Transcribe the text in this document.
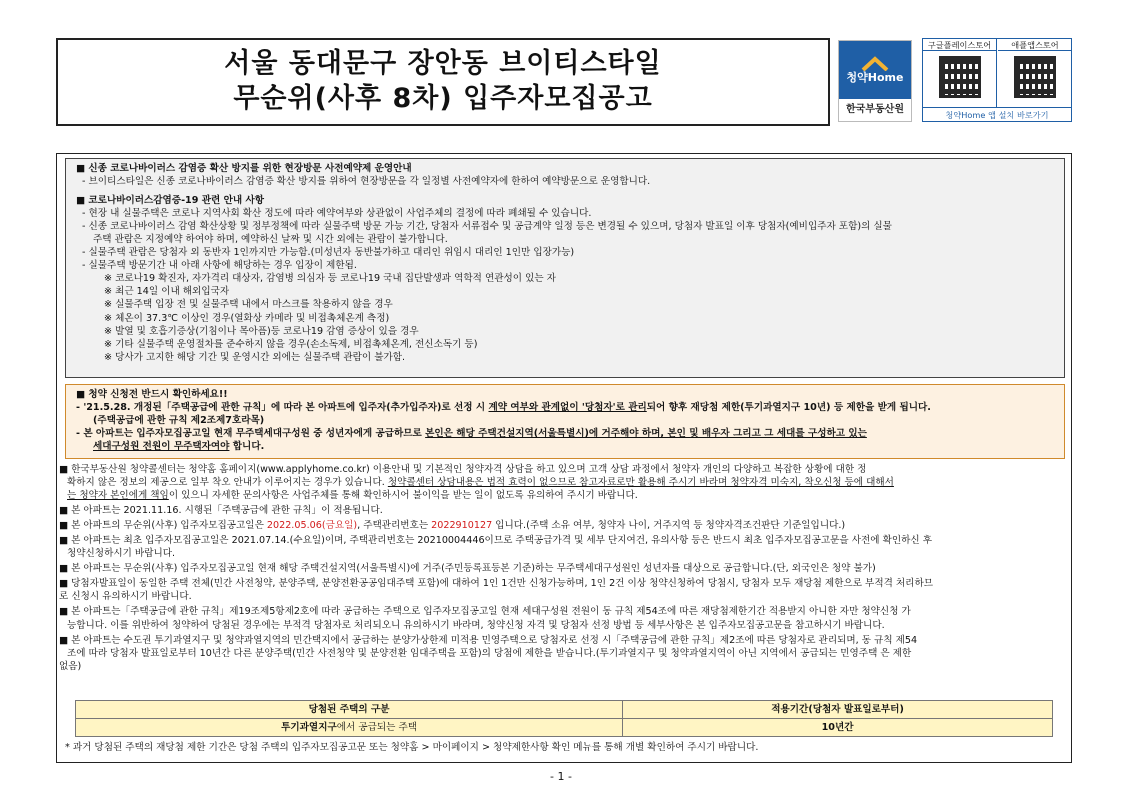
서울 동대문구 장안동 브이티스타일
무순위(사후 8차) 입주자모집공고
청약Home
한국부동산원
구글플레이스토어	애플앱스토어
청약Home 앱 설치 바로가기
■ 신종 코로나바이러스 감염증 확산 방지를 위한 현장방문 사전예약제 운영안내
- 브이티스타일은 신종 코로나바이러스 감염증 확산 방지를 위하여 현장방문을 각 일정별 사전예약자에 한하여 예약방문으로 운영합니다.
■ 코로나바이러스감염증-19 관련 안내 사항
- 현장 내 실물주택은 코로나 지역사회 확산 정도에 따라 예약여부와 상관없이 사업주체의 결정에 따라 폐쇄될 수 있습니다.
- 신종 코로나바이러스 감염 확산상황 및 정부정책에 따라 실물주택 방문 가능 기간, 당첨자 서류접수 및 공급계약 일정 등은 변경될 수 있으며, 당첨자 발표일 이후 당첨자(예비입주자 포함)의 실물
주택 관람은 지정예약 하여야 하며, 예약하신 날짜 및 시간 외에는 관람이 불가합니다.
- 실물주택 관람은 당첨자 외 동반자 1인까지만 가능함.(미성년자 동반불가하고 대리인 위임시 대리인 1인만 입장가능)
- 실물주택 방문기간 내 아래 사항에 해당하는 경우 입장이 제한됨.
※ 코로나19 확진자, 자가격리 대상자, 감염병 의심자 등 코로나19 국내 집단발생과 역학적 연관성이 있는 자
※ 최근 14일 이내 해외입국자
※ 실물주택 입장 전 및 실물주택 내에서 마스크를 착용하지 않을 경우
※ 체온이 37.3℃ 이상인 경우(열화상 카메라 및 비접촉체온계 측정)
※ 발열 및 호흡기증상(기침이나 목아픔)등 코로나19 감염 증상이 있을 경우
※ 기타 실물주택 운영절차를 준수하지 않을 경우(손소독제, 비접촉체온계, 전신소독기 등)
※ 당사가 고지한 해당 기간 및 운영시간 외에는 실물주택 관람이 불가함.
■ 청약 신청전 반드시 확인하세요!!
- '21.5.28. 개정된「주택공급에 관한 규칙」에 따라 본 아파트에 입주자(추가입주자)로 선정 시 계약 여부와 관계없이 '당첨자'로 관리되어 향후 재당첨 제한(투기과열지구 10년) 등 제한을 받게 됩니다.
(주택공급에 관한 규칙 제2조제7호라목)
- 본 아파트는 입주자모집공고일 현재 무주택세대구성원 중 성년자에게 공급하므로 본인은 해당 주택건설지역(서울특별시)에 거주해야 하며, 본인 및 배우자 그리고 그 세대를 구성하고 있는
세대구성원 전원이 무주택자여야 합니다.
■ 한국부동산원 청약콜센터는 청약홈 홈페이지(www.applyhome.co.kr) 이용안내 및 기본적인 청약자격 상담을 하고 있으며 고객 상담 과정에서 청약자 개인의 다양하고 복잡한 상황에 대한 정
확하지 않은 정보의 제공으로 일부 착오 안내가 이루어지는 경우가 있습니다. 청약콜센터 상담내용은 법적 효력이 없으므로 참고자료로만 활용해 주시기 바라며 청약자격 미숙지, 착오신청 등에 대해서
는 청약자 본인에게 책임이 있으니 자세한 문의사항은 사업주체를 통해 확인하시어 불이익을 받는 일이 없도록 유의하여 주시기 바랍니다.
■ 본 아파트는 2021.11.16. 시행된「주택공급에 관한 규칙」이 적용됩니다.
■ 본 아파트의 무순위(사후) 입주자모집공고일은 2022.05.06(금요일), 주택관리번호는 2022910127 입니다.(주택 소유 여부, 청약자 나이, 거주지역 등 청약자격조건판단 기준일입니다.)
■ 본 아파트는 최초 입주자모집공고일은 2021.07.14.(수요일)이며, 주택관리번호는 20210004446이므로 주택공급가격 및 세부 단지여건, 유의사항 등은 반드시 최초 입주자모집공고문을 사전에 확인하신 후
청약신청하시기 바랍니다.
■ 본 아파트는 무순위(사후) 입주자모집공고일 현재 해당 주택건설지역(서울특별시)에 거주(주민등록표등본 기준)하는 무주택세대구성원인 성년자를 대상으로 공급합니다.(단, 외국인은 청약 불가)
■ 당첨자발표일이 동일한 주택 전체(민간 사전청약, 분양주택, 분양전환공공임대주택 포함)에 대하여 1인 1건만 신청가능하며, 1인 2건 이상 청약신청하여 당첨시, 당첨자 모두 재당첨 제한으로 부적격 처리하므
로 신청시 유의하시기 바랍니다.
■ 본 아파트는「주택공급에 관한 규칙」제19조제5항제2호에 따라 공급하는 주택으로 입주자모집공고일 현재 세대구성원 전원이 동 규칙 제54조에 따른 재당첨제한기간 적용받지 아니한 자만 청약신청 가
능합니다. 이를 위반하여 청약하여 당첨된 경우에는 부적격 당첨자로 처리되오니 유의하시기 바라며, 청약신청 자격 및 당첨자 선정 방법 등 세부사항은 본 입주자모집공고문을 참고하시기 바랍니다.
■ 본 아파트는 수도권 투기과열지구 및 청약과열지역의 민간택지에서 공급하는 분양가상한제 미적용 민영주택으로 당첨자로 선정 시「주택공급에 관한 규칙」제2조에 따른 당첨자로 관리되며, 동 규칙 제54
조에 따라 당첨자 발표일로부터 10년간 다른 분양주택(민간 사전청약 및 분양전환 임대주택을 포함)의 당첨에 제한을 받습니다.(투기과열지구 및 청약과열지역이 아닌 지역에서 공급되는 민영주택 은 제한
없음)
당첨된 주택의 구분	적용기간(당첨자 발표일로부터)
투기과열지구에서 공급되는 주택	10년간
* 과거 당첨된 주택의 재당첨 제한 기간은 당첨 주택의 입주자모집공고문 또는 청약홈 > 마이페이지 > 청약제한사항 확인 메뉴를 통해 개별 확인하여 주시기 바랍니다.
- 1 -
